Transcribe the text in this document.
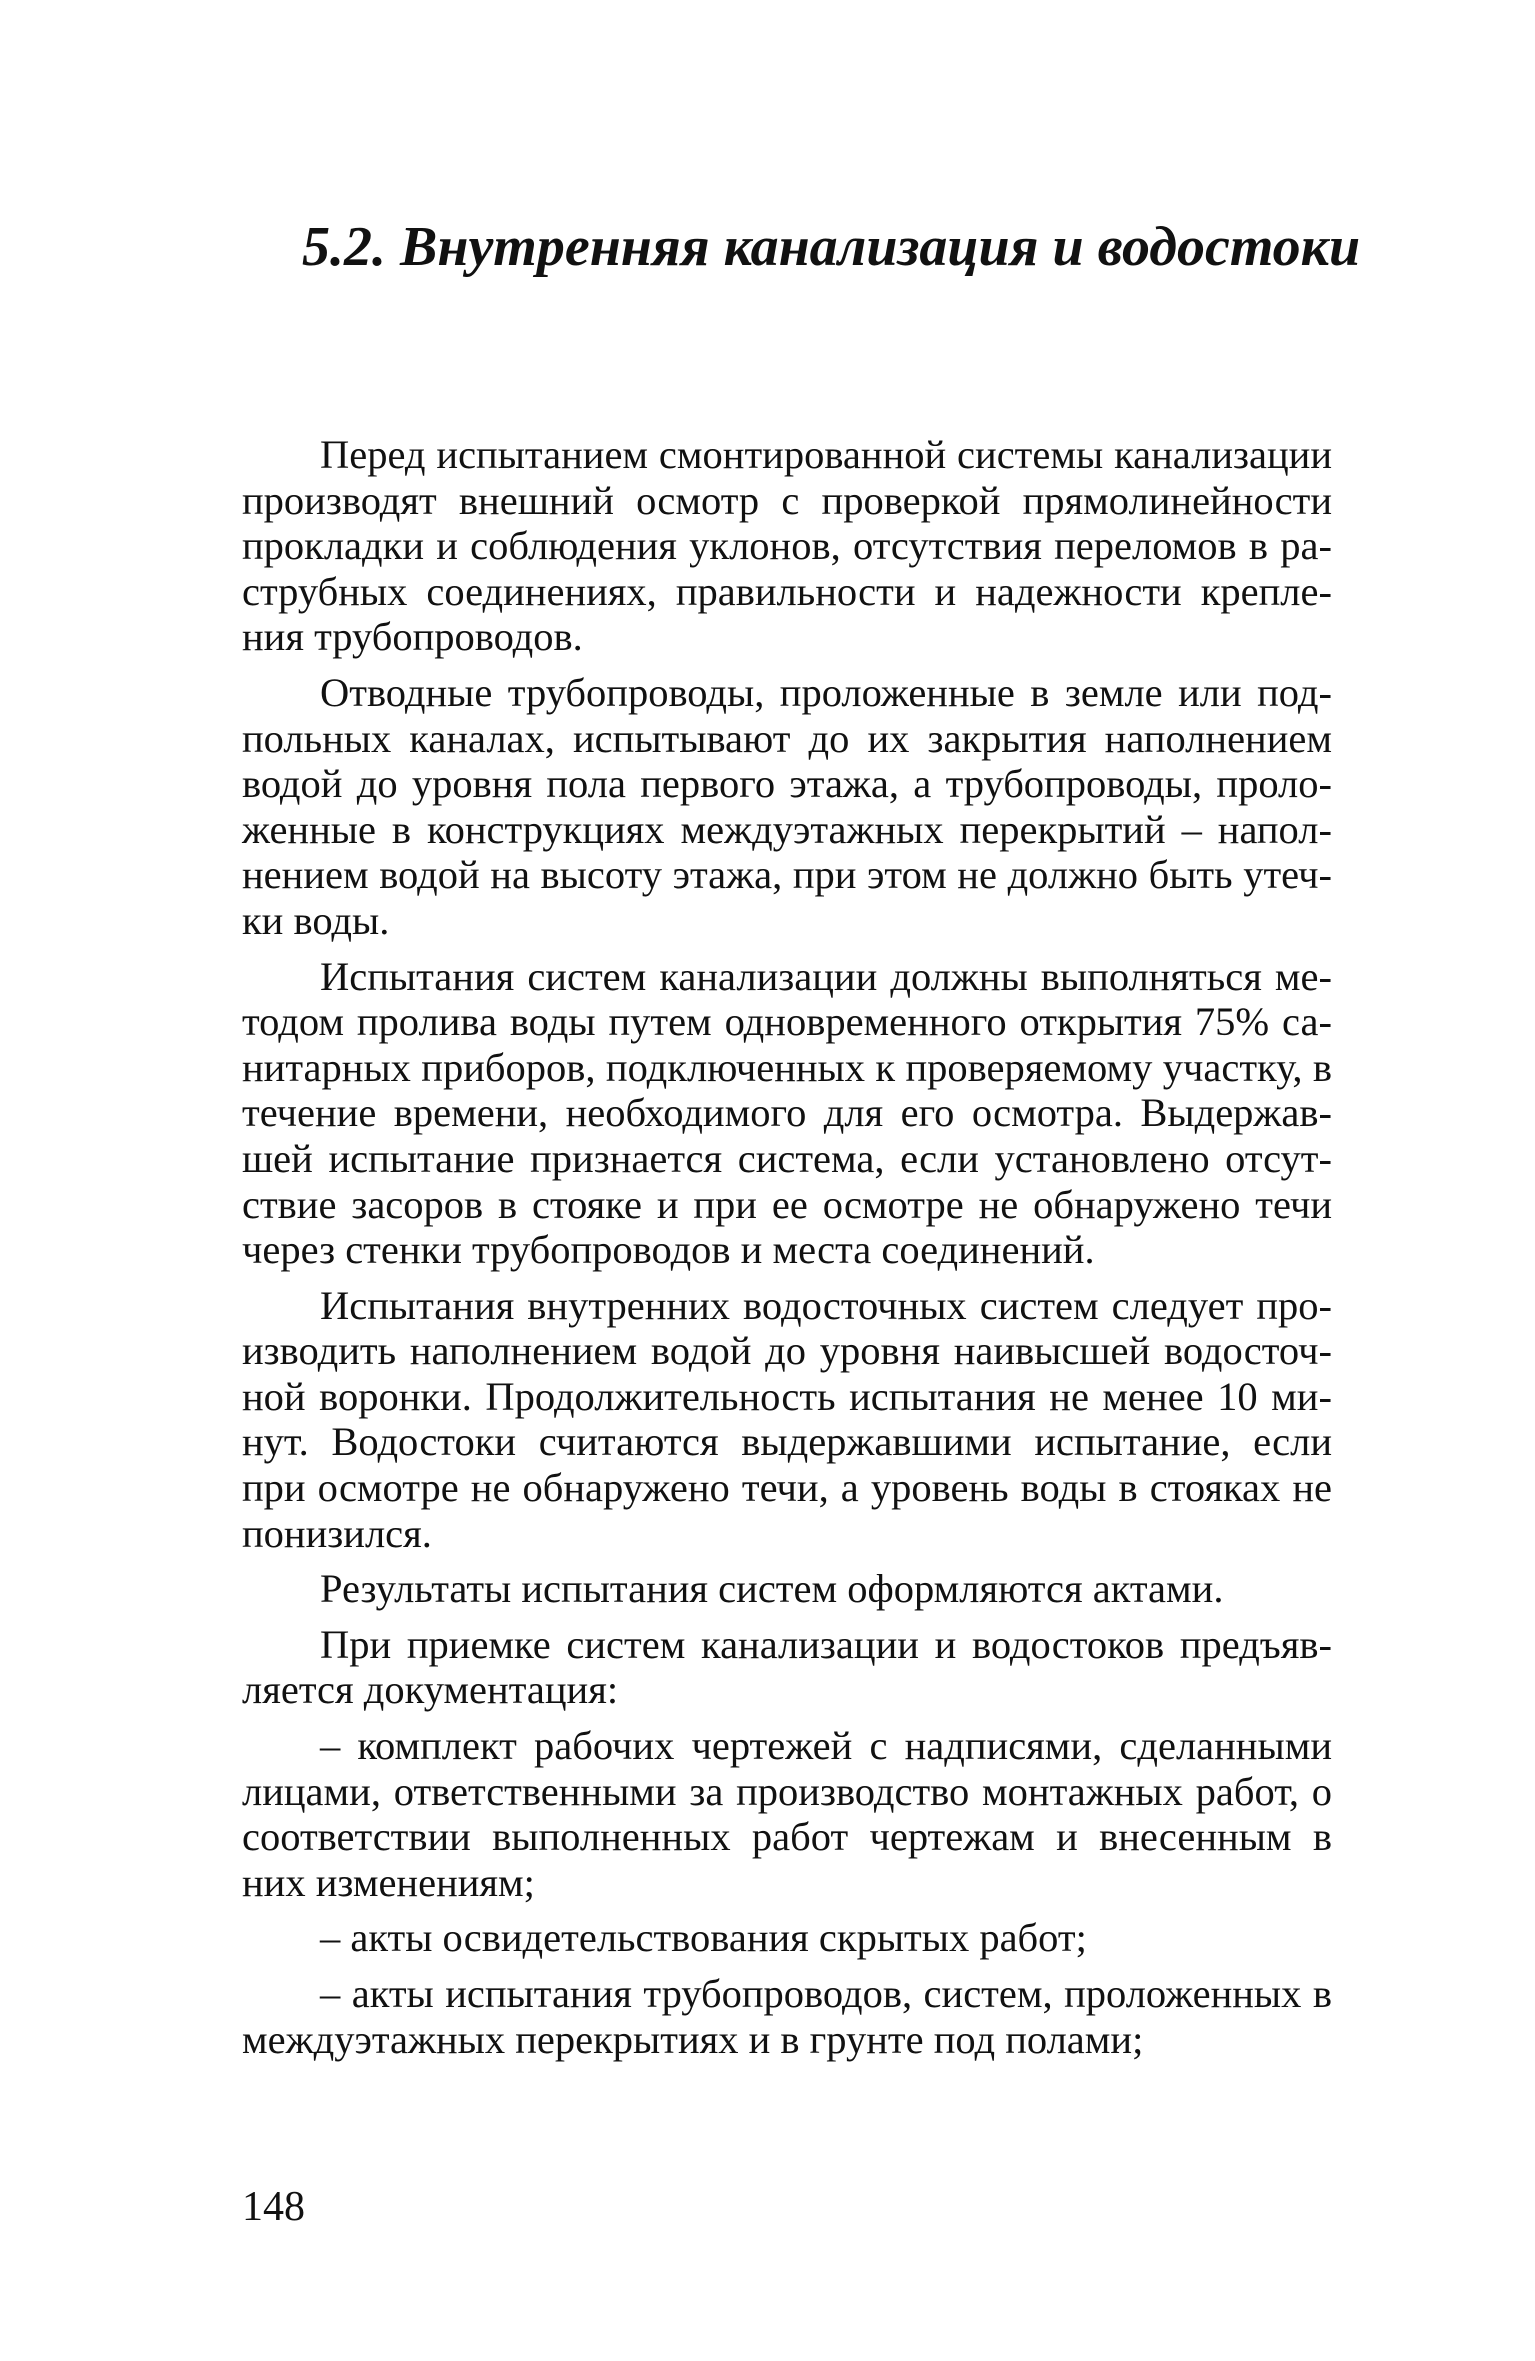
5.2. Внутренняя канализация и водостоки

Перед испытанием смонтированной системы канализации производят внешний осмотр с проверкой прямолинейности прокладки и соблюдения уклонов, отсутствия переломов в раструбных соединениях, правильности и надежности крепления трубопроводов.

Отводные трубопроводы, проложенные в земле или подпольных каналах, испытывают до их закрытия наполнением водой до уровня пола первого этажа, а трубопроводы, проложенные в конструкциях междуэтажных перекрытий – наполнением водой на высоту этажа, при этом не должно быть утечки воды.

Испытания систем канализации должны выполняться методом пролива воды путем одновременного открытия 75% санитарных приборов, подключенных к проверяемому участку, в течение времени, необходимого для его осмотра. Выдержавшей испытание признается система, если установлено отсутствие засоров в стояке и при ее осмотре не обнаружено течи через стенки трубопроводов и места соединений.

Испытания внутренних водосточных систем следует производить наполнением водой до уровня наивысшей водосточной воронки. Продолжительность испытания не менее 10 минут. Водостоки считаются выдержавшими испытание, если при осмотре не обнаружено течи, а уровень воды в стояках не понизился.

Результаты испытания систем оформляются актами.

При приемке систем канализации и водостоков предъявляется документация:

– комплект рабочих чертежей с надписями, сделанными лицами, ответственными за производство монтажных работ, о соответствии выполненных работ чертежам и внесенным в них изменениям;

– акты освидетельствования скрытых работ;

– акты испытания трубопроводов, систем, проложенных в междуэтажных перекрытиях и в грунте под полами;

148
